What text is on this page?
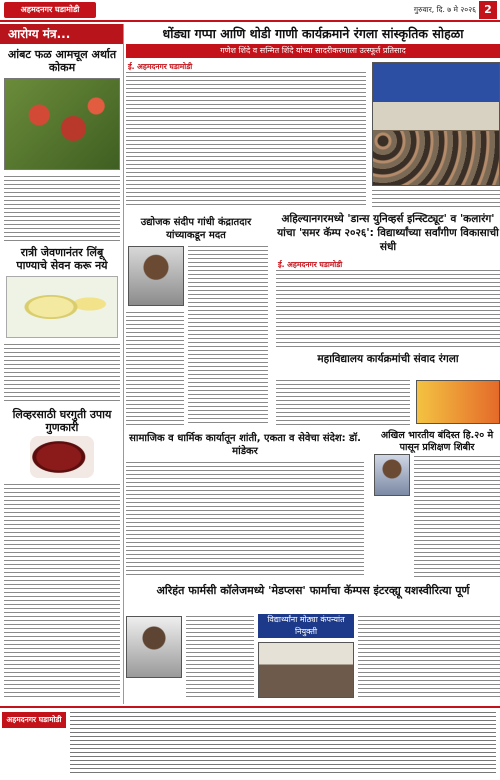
अहमदनगर घडामोडी	गुरुवार, दि. ७ मे २०२६ 2
आरोग्य मंत्र...
आंबट फळ आमचूल अर्थात कोकम
रात्री जेवणानंतर लिंबू पाण्याचे सेवन करू नये
लिव्हरसाठी घरगुती उपाय गुणकारी
धोंड्या गप्पा आणि थोडी गाणी कार्यक्रमाने रंगला सांस्कृतिक सोहळा
गणेश शिंदे व सन्मित शिंदे यांच्या सादरीकरणाला उत्स्फूर्त प्रतिसाद
ई. अहमदनगर घडामोडी
उद्योजक संदीप गांधी कंद्रातदार यांच्याकडून मदत
अहिल्यानगरमध्ये 'डान्स युनिव्हर्स इन्स्टिट्यूट' व 'कलारंग' यांचा 'समर कॅम्प २०२६': विद्यार्थ्यांच्या सर्वांगीण विकासाची संधी
ई. अहमदनगर घडामोडी
महाविद्यालय कार्यक्रमांची संवाद रंगला
सामाजिक व धार्मिक कार्यातून शांती, एकता व सेवेचा संदेश: डॉ. मांडेकर
अखिल भारतीय बंदिस्त हि.२० मे पासून प्रशिक्षण शिबीर
अरिहंत फार्मसी कॉलेजमध्ये 'मेडप्लस' फार्माचा कॅम्पस इंटरव्ह्यू यशस्वीरित्या पूर्ण
विद्यार्थ्यांना मोठ्या कंपन्यांत नियुक्ती
अहमदनगर घडामोडी
